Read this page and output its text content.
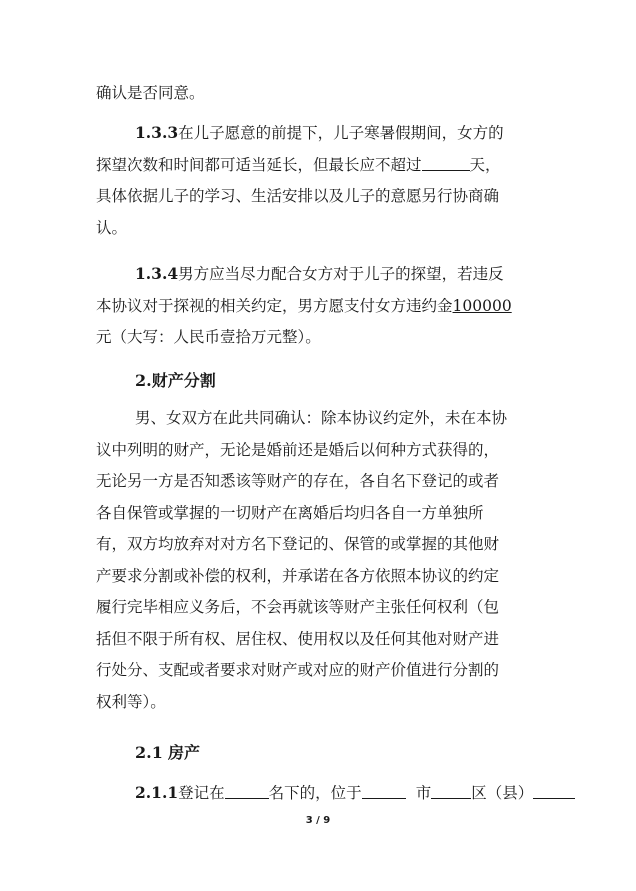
确认是否同意。

1.3.3在儿子愿意的前提下，儿子寒暑假期间，女方的
探望次数和时间都可适当延长，但最长应不超过	天，
具体依据儿子的学习、生活安排以及儿子的意愿另行协商确
认。

1.3.4男方应当尽力配合女方对于儿子的探望，若违反
本协议对于探视的相关约定，男方愿支付女方违约金100000
元（大写：人民币壹拾万元整）。

2.财产分割

男、女双方在此共同确认：除本协议约定外，未在本协
议中列明的财产，无论是婚前还是婚后以何种方式获得的，
无论另一方是否知悉该等财产的存在，各自名下登记的或者
各自保管或掌握的一切财产在离婚后均归各自一方单独所
有，双方均放弃对对方名下登记的、保管的或掌握的其他财
产要求分割或补偿的权利，并承诺在各方依照本协议的约定
履行完毕相应义务后，不会再就该等财产主张任何权利（包
括但不限于所有权、居住权、使用权以及任何其他对财产进
行处分、支配或者要求对财产或对应的财产价值进行分割的
权利等）。

2.1 房产

2.1.1登记在	名下的，位于	市	区（县）

3 / 9
